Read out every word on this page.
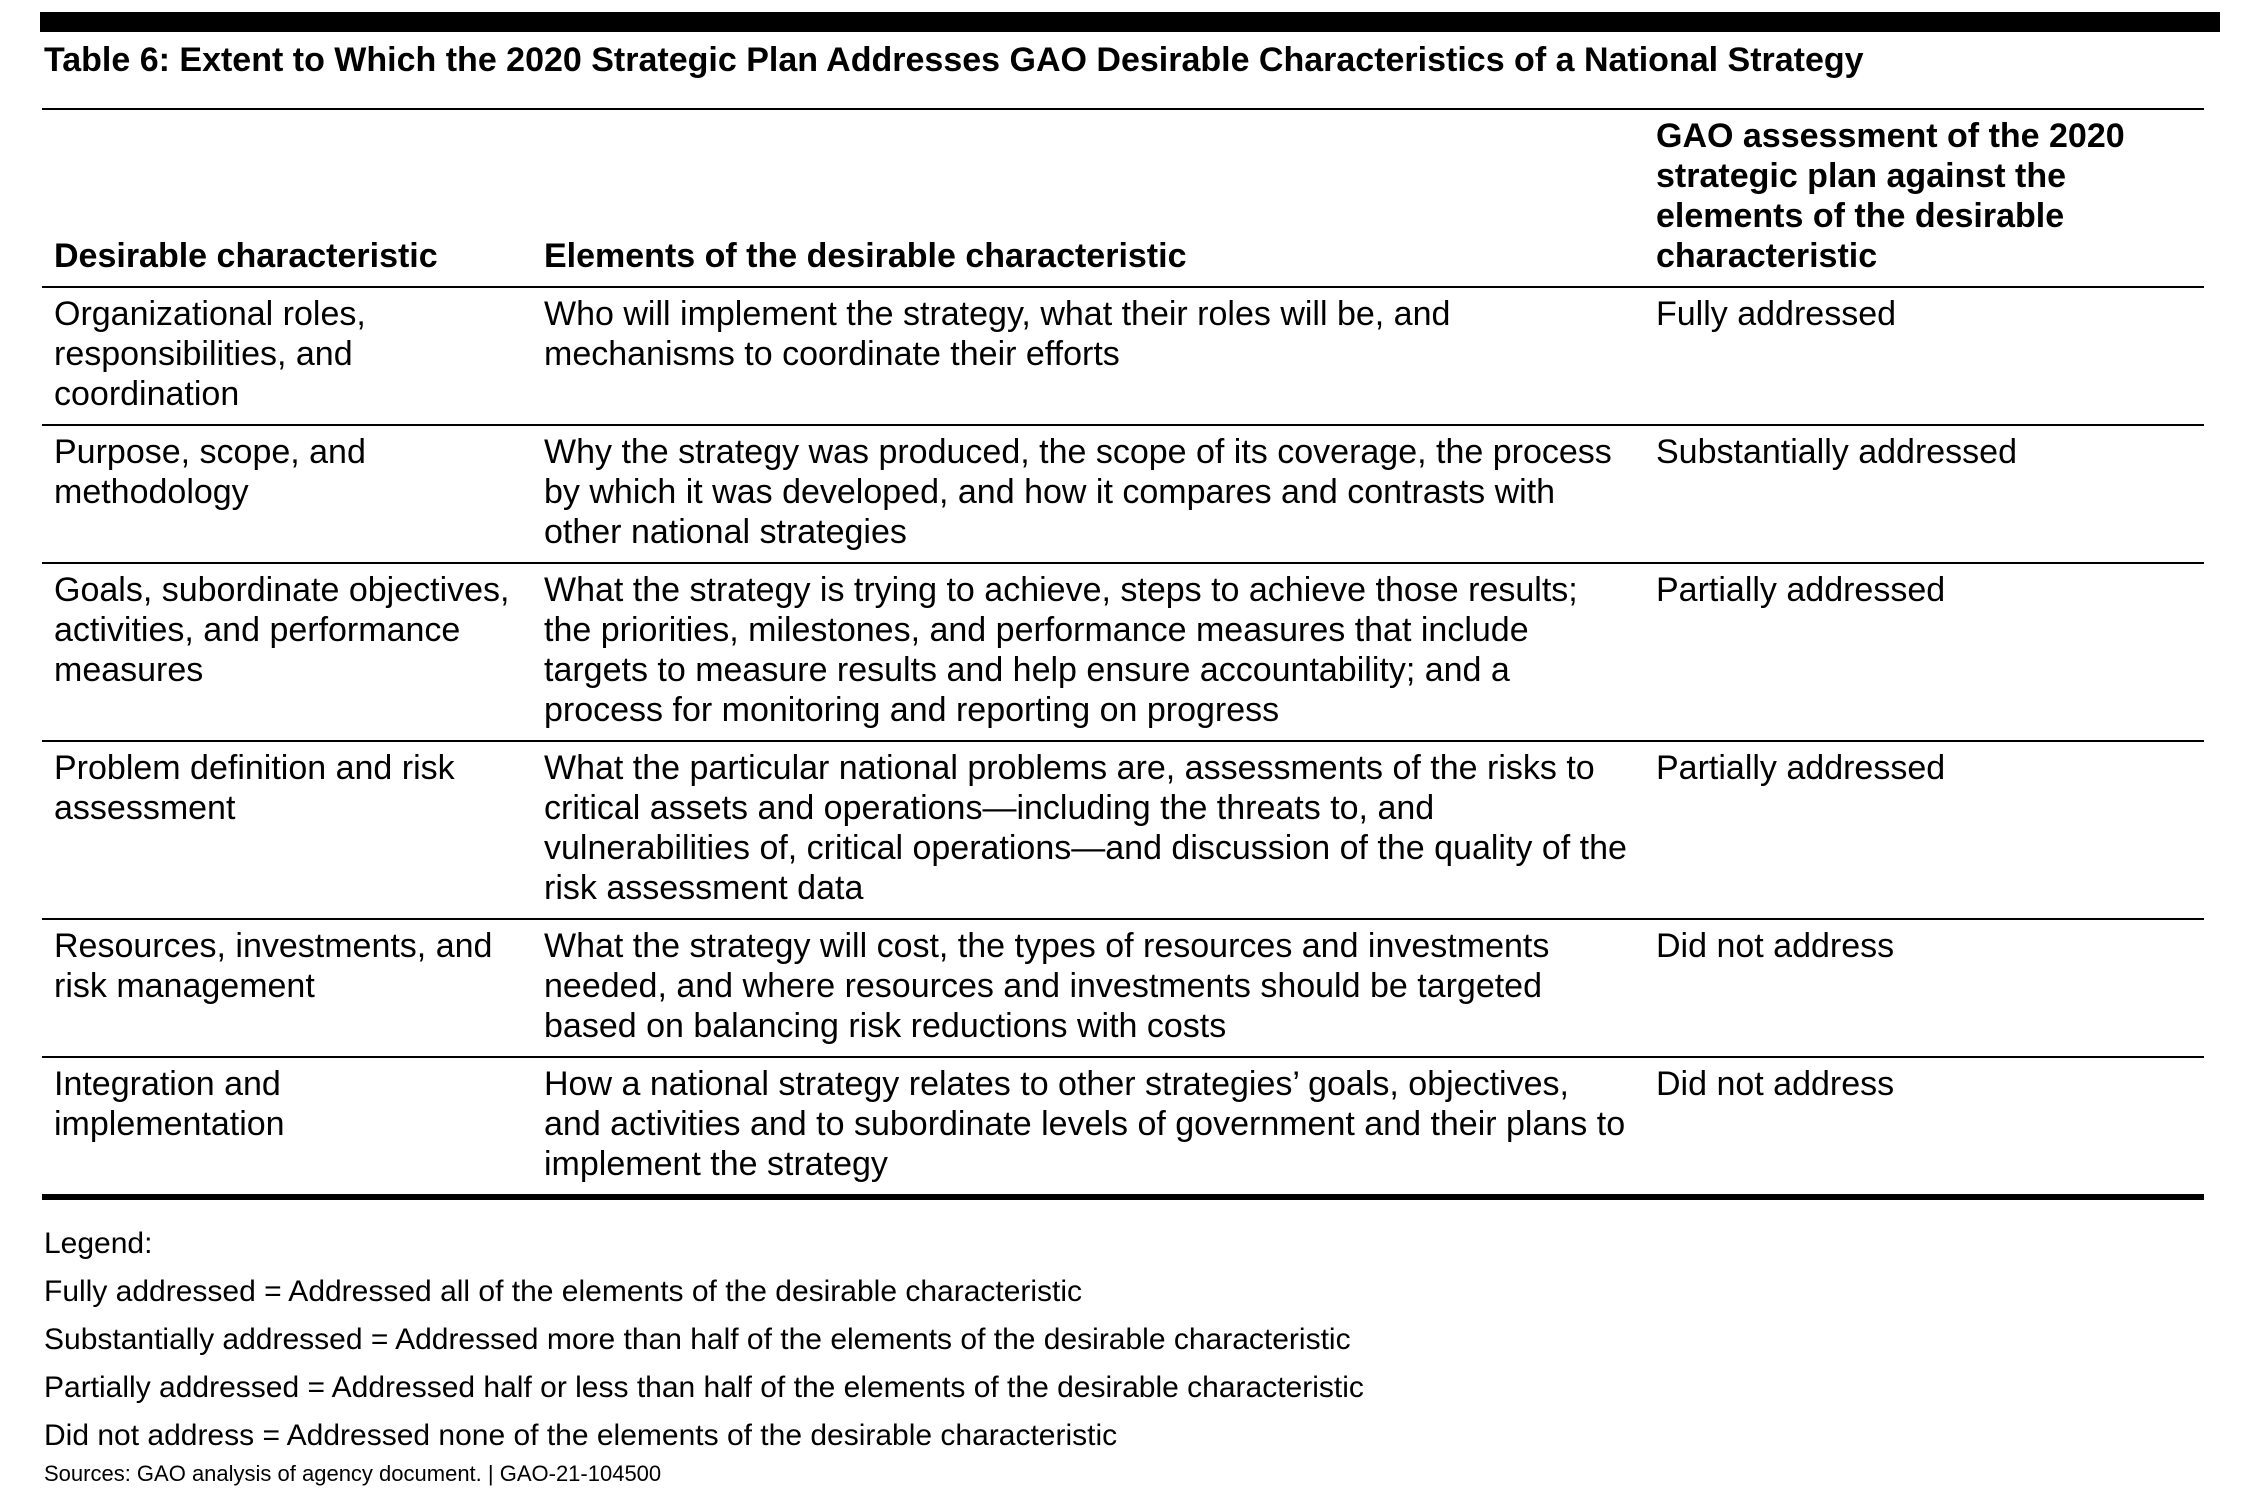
Table 6: Extent to Which the 2020 Strategic Plan Addresses GAO Desirable Characteristics of a National Strategy
Desirable characteristic	Elements of the desirable characteristic	GAO assessment of the 2020 strategic plan against the elements of the desirable characteristic
Organizational roles, responsibilities, and coordination	Who will implement the strategy, what their roles will be, and mechanisms to coordinate their efforts	Fully addressed
Purpose, scope, and methodology	Why the strategy was produced, the scope of its coverage, the process by which it was developed, and how it compares and contrasts with other national strategies	Substantially addressed
Goals, subordinate objectives, activities, and performance measures	What the strategy is trying to achieve, steps to achieve those results; the priorities, milestones, and performance measures that include targets to measure results and help ensure accountability; and a process for monitoring and reporting on progress	Partially addressed
Problem definition and risk assessment	What the particular national problems are, assessments of the risks to critical assets and operations—including the threats to, and vulnerabilities of, critical operations—and discussion of the quality of the risk assessment data	Partially addressed
Resources, investments, and risk management	What the strategy will cost, the types of resources and investments needed, and where resources and investments should be targeted based on balancing risk reductions with costs	Did not address
Integration and implementation	How a national strategy relates to other strategies’ goals, objectives, and activities and to subordinate levels of government and their plans to implement the strategy	Did not address
Legend:
Fully addressed = Addressed all of the elements of the desirable characteristic
Substantially addressed = Addressed more than half of the elements of the desirable characteristic
Partially addressed = Addressed half or less than half of the elements of the desirable characteristic
Did not address = Addressed none of the elements of the desirable characteristic
Sources: GAO analysis of agency document. | GAO-21-104500
